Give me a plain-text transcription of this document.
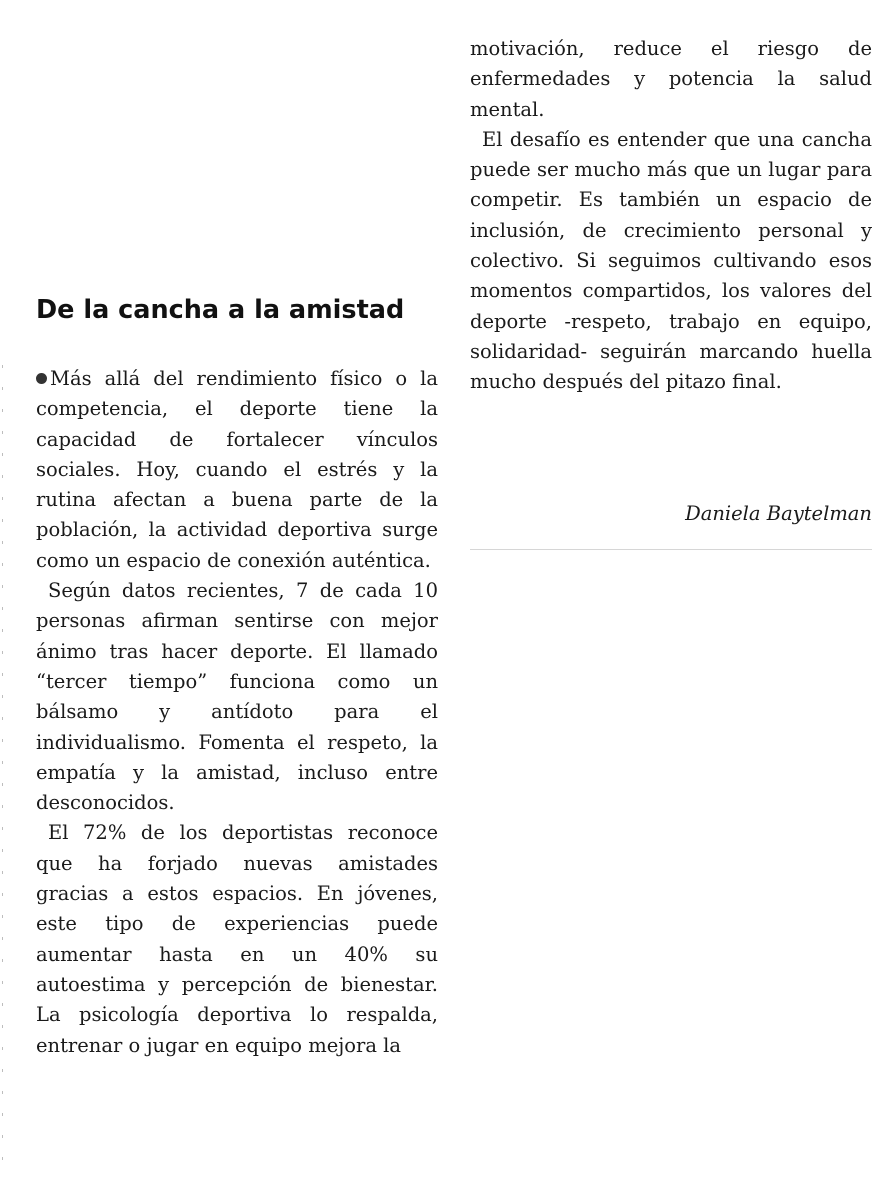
De la cancha a la amistad

Más allá del rendimiento físico o la competencia, el deporte tiene la capacidad de fortalecer vínculos sociales. Hoy, cuando el estrés y la rutina afectan a buena parte de la población, la actividad deportiva surge como un espacio de conexión auténtica.

Según datos recientes, 7 de cada 10 personas afirman sentirse con mejor ánimo tras hacer deporte. El llamado “tercer tiempo” funciona como un bálsamo y antídoto para el individualismo. Fomenta el respeto, la empatía y la amistad, incluso entre desconocidos.

El 72% de los deportistas reconoce que ha forjado nuevas amistades gracias a estos espacios. En jóvenes, este tipo de experiencias puede aumentar hasta en un 40% su autoestima y percepción de bienestar. La psicología deportiva lo respalda, entrenar o jugar en equipo mejora la

motivación, reduce el riesgo de enfermedades y potencia la salud mental.

El desafío es entender que una cancha puede ser mucho más que un lugar para competir. Es también un espacio de inclusión, de crecimiento personal y colectivo. Si seguimos cultivando esos momentos compartidos, los valores del deporte -respeto, trabajo en equipo, solidaridad- seguirán marcando huella mucho después del pitazo final.

Daniela Baytelman
